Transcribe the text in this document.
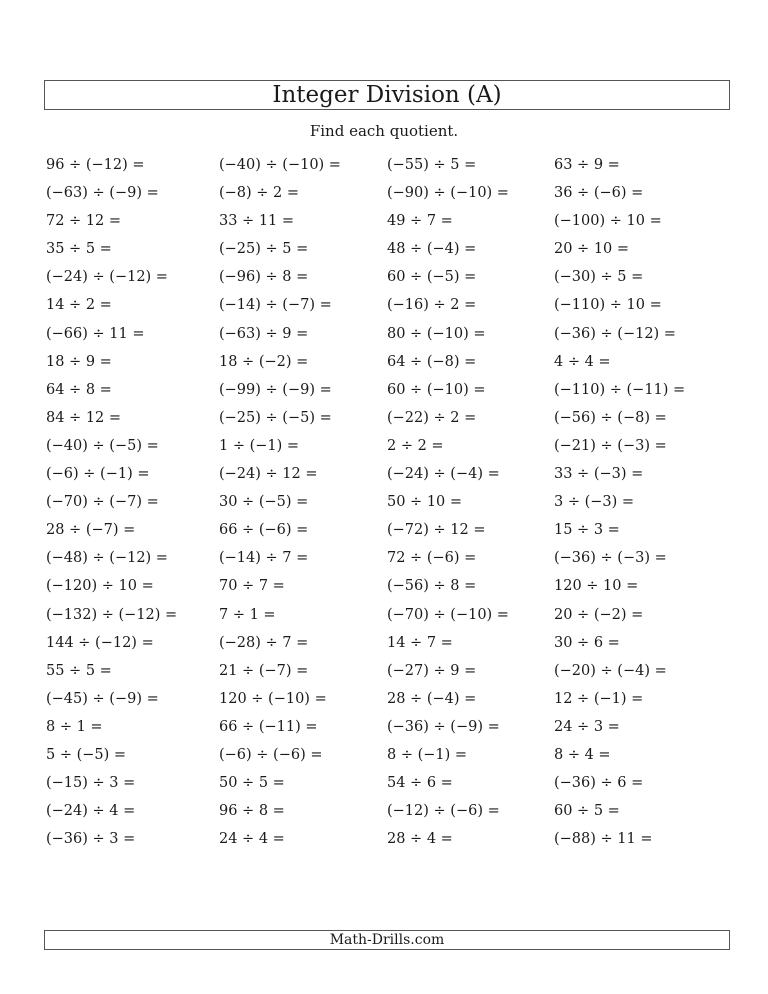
Integer Division (A)
Find each quotient.
96 ÷ (−12) =	(−40) ÷ (−10) =	(−55) ÷ 5 =	63 ÷ 9 =
(−63) ÷ (−9) =	(−8) ÷ 2 =	(−90) ÷ (−10) =	36 ÷ (−6) =
72 ÷ 12 =	33 ÷ 11 =	49 ÷ 7 =	(−100) ÷ 10 =
35 ÷ 5 =	(−25) ÷ 5 =	48 ÷ (−4) =	20 ÷ 10 =
(−24) ÷ (−12) =	(−96) ÷ 8 =	60 ÷ (−5) =	(−30) ÷ 5 =
14 ÷ 2 =	(−14) ÷ (−7) =	(−16) ÷ 2 =	(−110) ÷ 10 =
(−66) ÷ 11 =	(−63) ÷ 9 =	80 ÷ (−10) =	(−36) ÷ (−12) =
18 ÷ 9 =	18 ÷ (−2) =	64 ÷ (−8) =	4 ÷ 4 =
64 ÷ 8 =	(−99) ÷ (−9) =	60 ÷ (−10) =	(−110) ÷ (−11) =
84 ÷ 12 =	(−25) ÷ (−5) =	(−22) ÷ 2 =	(−56) ÷ (−8) =
(−40) ÷ (−5) =	1 ÷ (−1) =	2 ÷ 2 =	(−21) ÷ (−3) =
(−6) ÷ (−1) =	(−24) ÷ 12 =	(−24) ÷ (−4) =	33 ÷ (−3) =
(−70) ÷ (−7) =	30 ÷ (−5) =	50 ÷ 10 =	3 ÷ (−3) =
28 ÷ (−7) =	66 ÷ (−6) =	(−72) ÷ 12 =	15 ÷ 3 =
(−48) ÷ (−12) =	(−14) ÷ 7 =	72 ÷ (−6) =	(−36) ÷ (−3) =
(−120) ÷ 10 =	70 ÷ 7 =	(−56) ÷ 8 =	120 ÷ 10 =
(−132) ÷ (−12) =	7 ÷ 1 =	(−70) ÷ (−10) =	20 ÷ (−2) =
144 ÷ (−12) =	(−28) ÷ 7 =	14 ÷ 7 =	30 ÷ 6 =
55 ÷ 5 =	21 ÷ (−7) =	(−27) ÷ 9 =	(−20) ÷ (−4) =
(−45) ÷ (−9) =	120 ÷ (−10) =	28 ÷ (−4) =	12 ÷ (−1) =
8 ÷ 1 =	66 ÷ (−11) =	(−36) ÷ (−9) =	24 ÷ 3 =
5 ÷ (−5) =	(−6) ÷ (−6) =	8 ÷ (−1) =	8 ÷ 4 =
(−15) ÷ 3 =	50 ÷ 5 =	54 ÷ 6 =	(−36) ÷ 6 =
(−24) ÷ 4 =	96 ÷ 8 =	(−12) ÷ (−6) =	60 ÷ 5 =
(−36) ÷ 3 =	24 ÷ 4 =	28 ÷ 4 =	(−88) ÷ 11 =
Math-Drills.com
